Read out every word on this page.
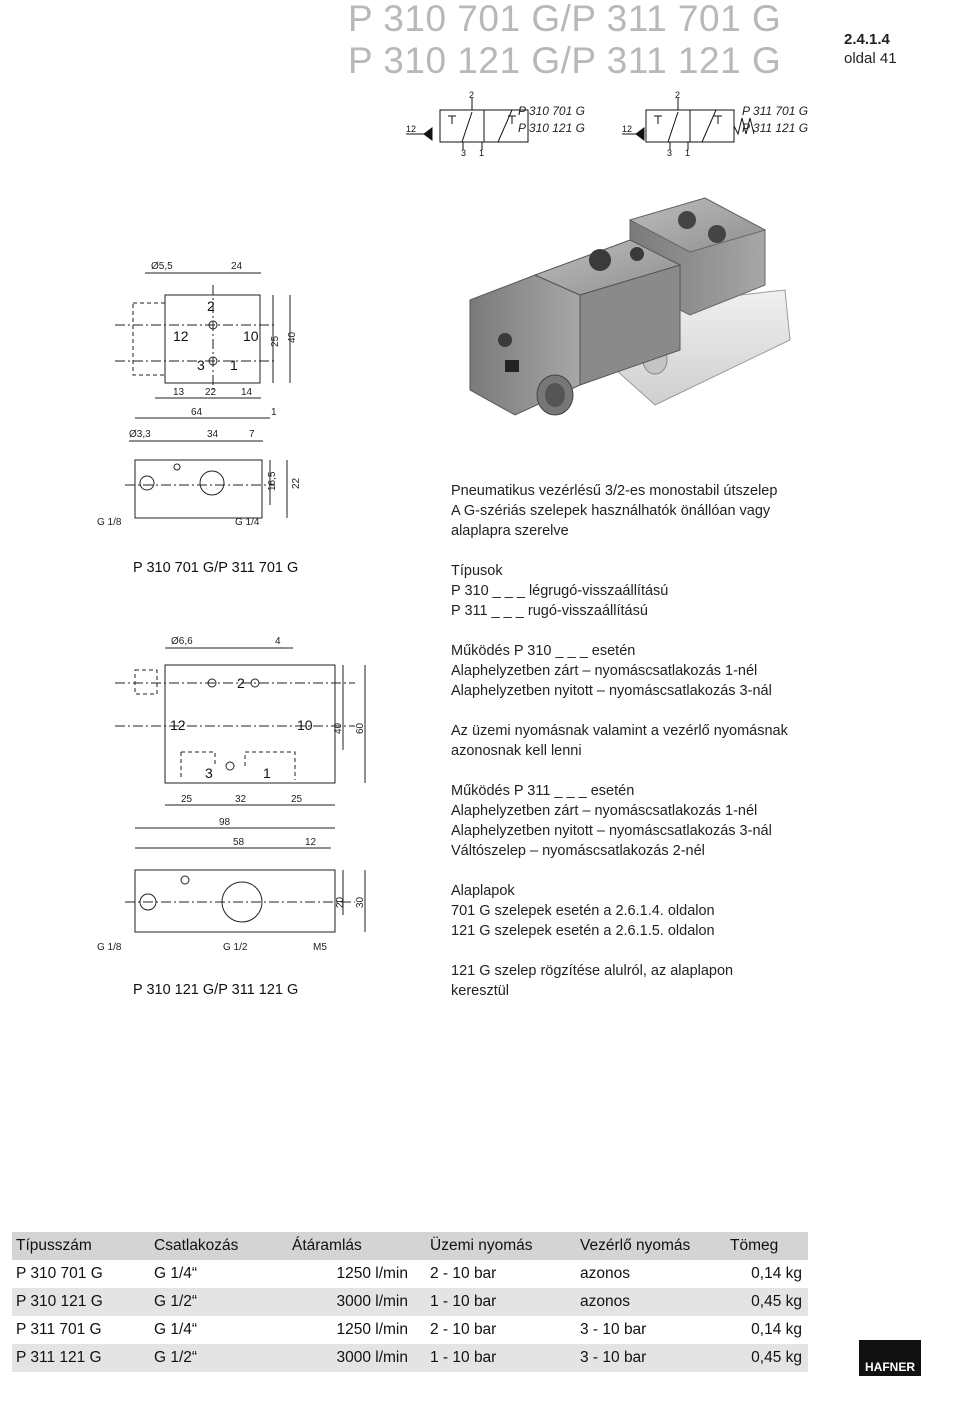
P 310 701 G/P 311 701 G
P 310 121 G/P 311 121 G
2.4.1.4
oldal 41
12
2
3 1
12
2
3 1
P 310 701 G
P 310 121 G
P 311 701 G
P 311 121 G
Ø5,5	24
2
12	10
3 1
25 40
13 22 14
64	1
Ø3,3	34	7
16,5 22
G 1/8	G 1/4
P 310 701 G/P 311 701 G
Ø6,6	4
2
12	10
3	1
40 60
25	32	25
98
58	12
20 30
G 1/8	G 1/2	M5
P 310 121 G/P 311 121 G

Pneumatikus vezérlésű 3/2-es monostabil útszelep
A G-szériás szelepek használhatók önállóan vagy
alaplapra szerelve

Típusok
P 310 _ _ _ légrugó-visszaállítású
P 311 _ _ _ rugó-visszaállítású

Működés P 310 _ _ _ esetén
Alaphelyzetben zárt – nyomáscsatlakozás 1-nél
Alaphelyzetben nyitott – nyomáscsatlakozás 3-nál

Az üzemi nyomásnak valamint a vezérlő nyomásnak
azonosnak kell lenni

Működés P 311 _ _ _ esetén
Alaphelyzetben zárt – nyomáscsatlakozás 1-nél
Alaphelyzetben nyitott – nyomáscsatlakozás 3-nál
Váltószelep – nyomáscsatlakozás 2-nél

Alaplapok
701 G szelepek esetén a 2.6.1.4. oldalon
121 G szelepek esetén a 2.6.1.5. oldalon

121 G szelep rögzítése alulról, az alaplapon
keresztül

Típusszám	Csatlakozás	Átáramlás	Üzemi nyomás	Vezérlő nyomás	Tömeg
P 310 701 G	G 1/4“	1250 l/min	2 - 10 bar	azonos	0,14 kg
P 310 121 G	G 1/2“	3000 l/min	1 - 10 bar	azonos	0,45 kg
P 311 701 G	G 1/4“	1250 l/min	2 - 10 bar	3 - 10 bar	0,14 kg
P 311 121 G	G 1/2“	3000 l/min	1 - 10 bar	3 - 10 bar	0,45 kg
HAFNER
